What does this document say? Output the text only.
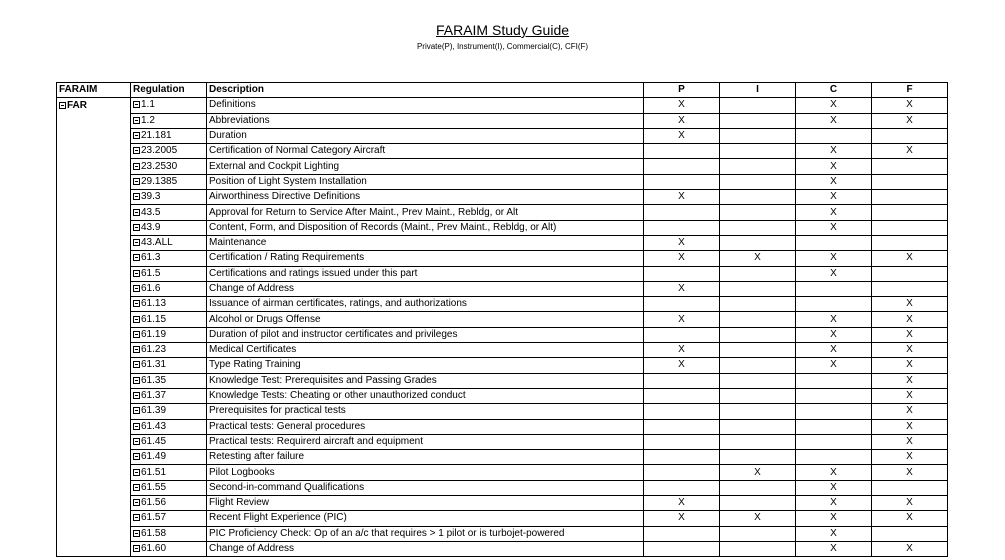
FARAIM Study Guide
Private(P), Instrument(I), Commercial(C), CFI(F)
FARAIM	Regulation	Description	P	I	C	F
FAR	1.1	Definitions	X		X	X
	1.2	Abbreviations	X		X	X
	21.181	Duration	X			
	23.2005	Certification of Normal Category Aircraft			X	X
	23.2530	External and Cockpit Lighting			X	
	29.1385	Position of Light System Installation			X	
	39.3	Airworthiness Directive Definitions	X		X	
	43.5	Approval for Return to Service After Maint., Prev Maint., Rebldg, or Alt			X	
	43.9	Content, Form, and Disposition of Records (Maint., Prev Maint., Rebldg, or Alt)			X	
	43.ALL	Maintenance	X			
	61.3	Certification / Rating Requirements	X	X	X	X
	61.5	Certifications and ratings issued under this part			X	
	61.6	Change of Address	X			
	61.13	Issuance of airman certificates, ratings, and authorizations				X
	61.15	Alcohol or Drugs Offense	X		X	X
	61.19	Duration of pilot and instructor certificates and privileges			X	X
	61.23	Medical Certificates	X		X	X
	61.31	Type Rating Training	X		X	X
	61.35	Knowledge Test: Prerequisites and Passing Grades				X
	61.37	Knowledge Tests: Cheating or other unauthorized conduct				X
	61.39	Prerequisites for practical tests				X
	61.43	Practical tests: General procedures				X
	61.45	Practical tests: Requirerd aircraft and equipment				X
	61.49	Retesting after failure				X
	61.51	Pilot Logbooks		X	X	X
	61.55	Second-in-command Qualifications			X	
	61.56	Flight Review	X		X	X
	61.57	Recent Flight Experience (PIC)	X	X	X	X
	61.58	PIC Proficiency Check: Op of an a/c that requires > 1 pilot or is turbojet-powered			X	
	61.60	Change of Address			X	X
